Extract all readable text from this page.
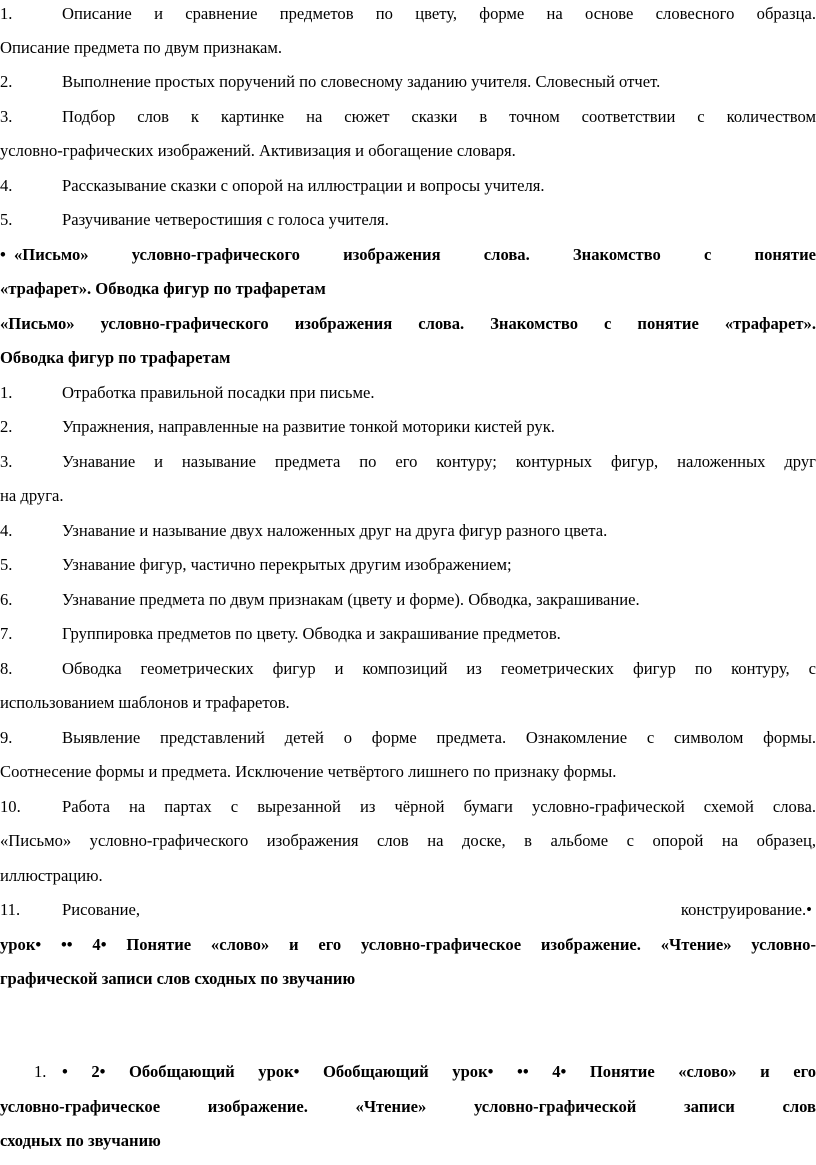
1.	Описание и сравнение предметов по цвету, форме на основе словесного образца.
Описание предмета по двум признакам.
2.	Выполнение простых поручений по словесному заданию учителя. Словесный отчет.
3.	Подбор слов к картинке на сюжет сказки в точном соответствии с количеством
условно-графических изображений. Активизация и обогащение словаря.
4.	Рассказывание сказки с опорой на иллюстрации и вопросы учителя.
5.	Разучивание четверостишия с голоса учителя.
• «Письмо» условно-графического изображения слова. Знакомство с понятие
«трафарет». Обводка фигур по трафаретам
«Письмо» условно-графического изображения слова. Знакомство с понятие «трафарет».
Обводка фигур по трафаретам
1.	Отработка правильной посадки при письме.
2.	Упражнения, направленные на развитие тонкой моторики кистей рук.
3.	Узнавание и называние предмета по его контуру; контурных фигур, наложенных друг
на друга.
4.	Узнавание и называние двух наложенных друг на друга фигур разного цвета.
5.	Узнавание фигур, частично перекрытых другим изображением;
6.	Узнавание предмета по двум признакам (цвету и форме). Обводка, закрашивание.
7.	Группировка предметов по цвету. Обводка и закрашивание предметов.
8.	Обводка геометрических фигур и композиций из геометрических фигур по контуру, с
использованием шаблонов и трафаретов.
9.	Выявление представлений детей о форме предмета. Ознакомление с символом формы.
Соотнесение формы и предмета. Исключение четвёртого лишнего по признаку формы.
10. Работа на партах с вырезанной из чёрной бумаги условно-графической схемой слова.
«Письмо» условно-графического изображения слов на доске, в альбоме с опорой на образец,
иллюстрацию.
11.	Рисование,	конструирование.•
урок• •• 4• Понятие «слово» и его условно-графическое изображение. «Чтение» условно-
графической записи слов сходных по звучанию
1. • 2• Обобщающий урок• Обобщающий урок• •• 4• Понятие «слово» и его
условно-графическое изображение. «Чтение» условно-графической записи слов
сходных по звучанию
